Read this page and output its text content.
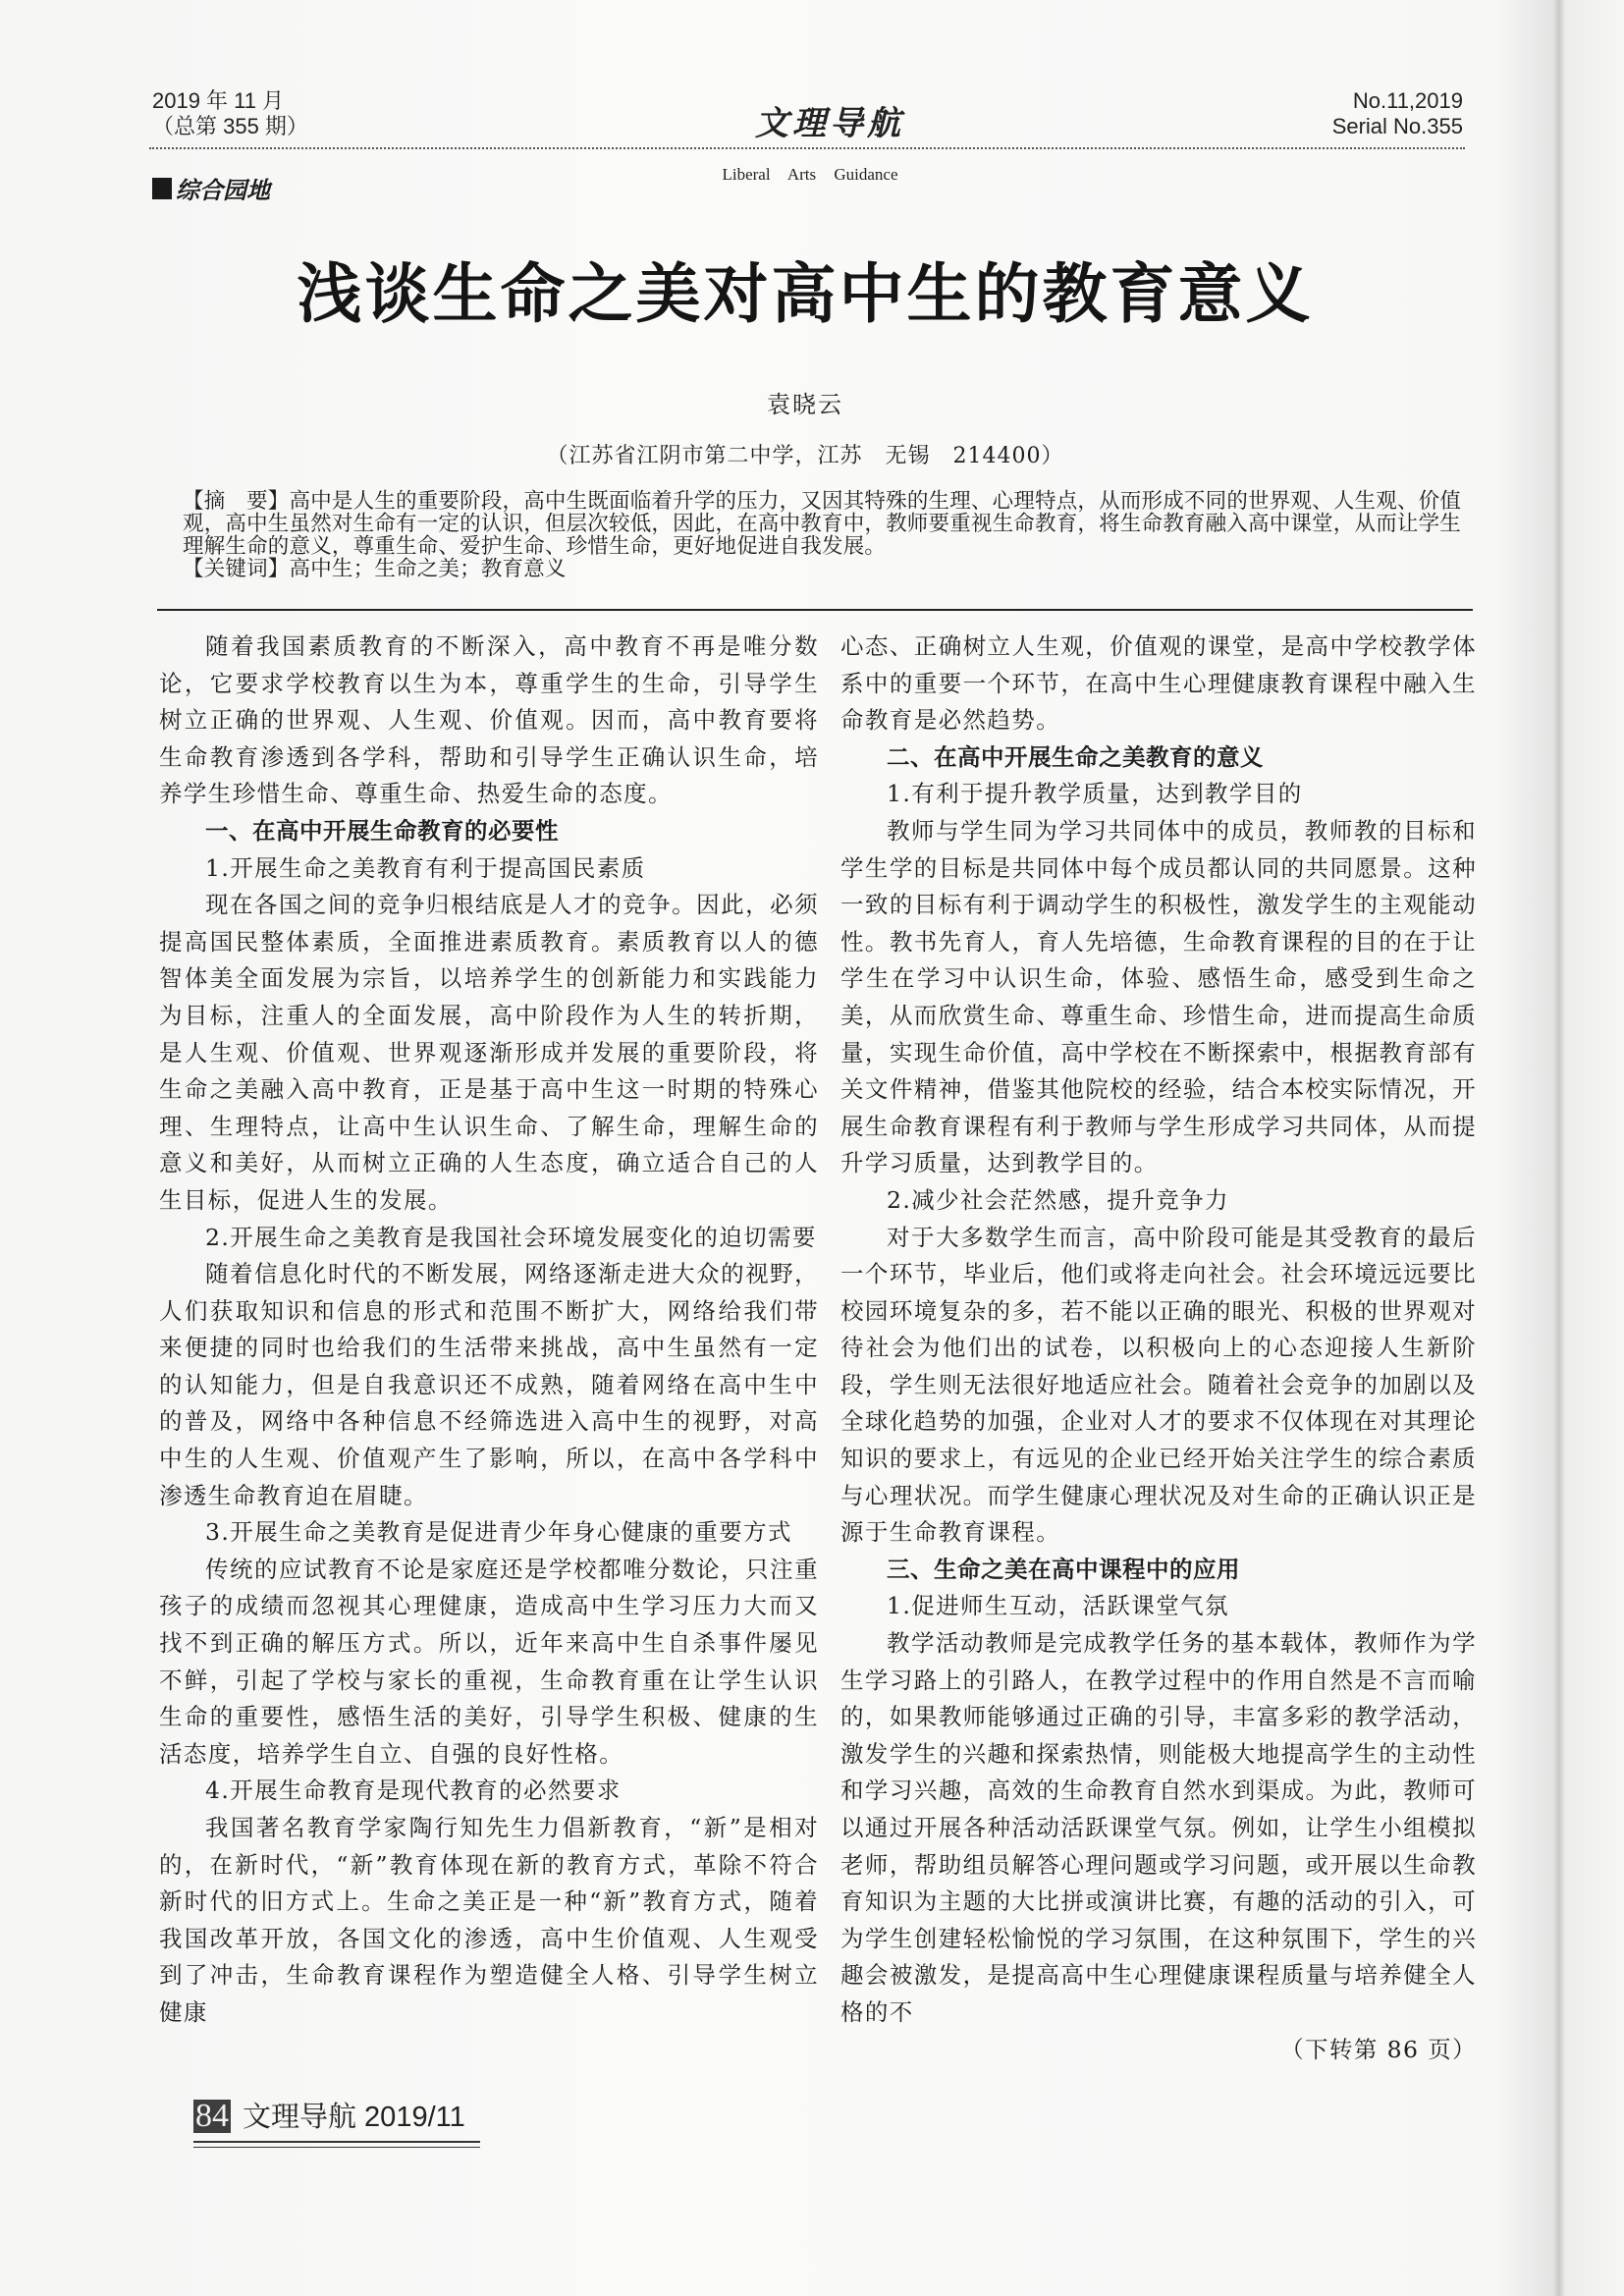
2019 年 11 月
（总第 355 期）	文理导航
No.11,2019
Serial No.355
综合园地
Liberal Arts Guidance
浅谈生命之美对高中生的教育意义
袁晓云
（江苏省江阴市第二中学，江苏　无锡　214400）

【摘　要】高中是人生的重要阶段，高中生既面临着升学的压力，又因其特殊的生理、心理特点，从而形成不同的世界观、人生观、价值观，高中生虽然对生命有一定的认识，但层次较低，因此，在高中教育中，教师要重视生命教育，将生命教育融入高中课堂，从而让学生理解生命的意义，尊重生命、爱护生命、珍惜生命，更好地促进自我发展。

【关键词】高中生；生命之美；教育意义

随着我国素质教育的不断深入，高中教育不再是唯分数论，它要求学校教育以生为本，尊重学生的生命，引导学生树立正确的世界观、人生观、价值观。因而，高中教育要将生命教育渗透到各学科，帮助和引导学生正确认识生命，培养学生珍惜生命、尊重生命、热爱生命的态度。

一、在高中开展生命教育的必要性

1.开展生命之美教育有利于提高国民素质

现在各国之间的竞争归根结底是人才的竞争。因此，必须提高国民整体素质，全面推进素质教育。素质教育以人的德智体美全面发展为宗旨，以培养学生的创新能力和实践能力为目标，注重人的全面发展，高中阶段作为人生的转折期，是人生观、价值观、世界观逐渐形成并发展的重要阶段，将生命之美融入高中教育，正是基于高中生这一时期的特殊心理、生理特点，让高中生认识生命、了解生命，理解生命的意义和美好，从而树立正确的人生态度，确立适合自己的人生目标，促进人生的发展。

2.开展生命之美教育是我国社会环境发展变化的迫切需要

随着信息化时代的不断发展，网络逐渐走进大众的视野，人们获取知识和信息的形式和范围不断扩大，网络给我们带来便捷的同时也给我们的生活带来挑战，高中生虽然有一定的认知能力，但是自我意识还不成熟，随着网络在高中生中的普及，网络中各种信息不经筛选进入高中生的视野，对高中生的人生观、价值观产生了影响，所以，在高中各学科中渗透生命教育迫在眉睫。

3.开展生命之美教育是促进青少年身心健康的重要方式

传统的应试教育不论是家庭还是学校都唯分数论，只注重孩子的成绩而忽视其心理健康，造成高中生学习压力大而又找不到正确的解压方式。所以，近年来高中生自杀事件屡见不鲜，引起了学校与家长的重视，生命教育重在让学生认识生命的重要性，感悟生活的美好，引导学生积极、健康的生活态度，培养学生自立、自强的良好性格。

4.开展生命教育是现代教育的必然要求

我国著名教育学家陶行知先生力倡新教育，“新”是相对的，在新时代，“新”教育体现在新的教育方式，革除不符合新时代的旧方式上。生命之美正是一种“新”教育方式，随着我国改革开放，各国文化的渗透，高中生价值观、人生观受到了冲击，生命教育课程作为塑造健全人格、引导学生树立健康

心态、正确树立人生观，价值观的课堂，是高中学校教学体系中的重要一个环节，在高中生心理健康教育课程中融入生命教育是必然趋势。

二、在高中开展生命之美教育的意义

1.有利于提升教学质量，达到教学目的

教师与学生同为学习共同体中的成员，教师教的目标和学生学的目标是共同体中每个成员都认同的共同愿景。这种一致的目标有利于调动学生的积极性，激发学生的主观能动性。教书先育人，育人先培德，生命教育课程的目的在于让学生在学习中认识生命，体验、感悟生命，感受到生命之美，从而欣赏生命、尊重生命、珍惜生命，进而提高生命质量，实现生命价值，高中学校在不断探索中，根据教育部有关文件精神，借鉴其他院校的经验，结合本校实际情况，开展生命教育课程有利于教师与学生形成学习共同体，从而提升学习质量，达到教学目的。

2.减少社会茫然感，提升竞争力

对于大多数学生而言，高中阶段可能是其受教育的最后一个环节，毕业后，他们或将走向社会。社会环境远远要比校园环境复杂的多，若不能以正确的眼光、积极的世界观对待社会为他们出的试卷，以积极向上的心态迎接人生新阶段，学生则无法很好地适应社会。随着社会竞争的加剧以及全球化趋势的加强，企业对人才的要求不仅体现在对其理论知识的要求上，有远见的企业已经开始关注学生的综合素质与心理状况。而学生健康心理状况及对生命的正确认识正是源于生命教育课程。

三、生命之美在高中课程中的应用

1.促进师生互动，活跃课堂气氛

教学活动教师是完成教学任务的基本载体，教师作为学生学习路上的引路人，在教学过程中的作用自然是不言而喻的，如果教师能够通过正确的引导，丰富多彩的教学活动，激发学生的兴趣和探索热情，则能极大地提高学生的主动性和学习兴趣，高效的生命教育自然水到渠成。为此，教师可以通过开展各种活动活跃课堂气氛。例如，让学生小组模拟老师，帮助组员解答心理问题或学习问题，或开展以生命教育知识为主题的大比拼或演讲比赛，有趣的活动的引入，可为学生创建轻松愉悦的学习氛围，在这种氛围下，学生的兴趣会被激发，是提高高中生心理健康课程质量与培养健全人格的不

（下转第 86 页）

84 文理导航 2019/11
